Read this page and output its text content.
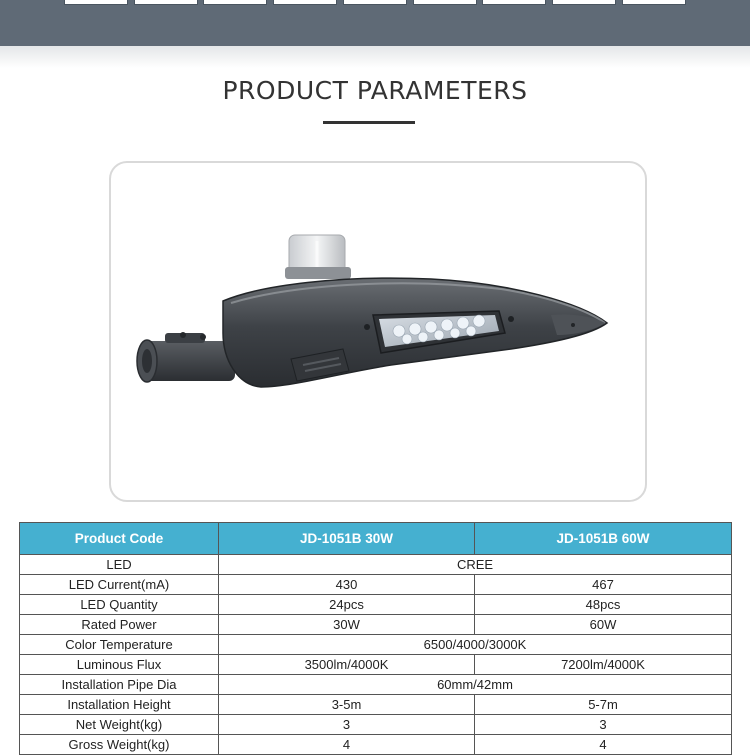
PRODUCT PARAMETERS
Product Code	JD-1051B 30W	JD-1051B 60W
LED	CREE	
LED Current(mA)	430	467
LED Quantity	24pcs	48pcs
Rated Power	30W	60W
Color Temperature	6500/4000/3000K	
Luminous Flux	3500lm/4000K	7200lm/4000K
Installation Pipe Dia	60mm/42mm	
Installation Height	3-5m	5-7m
Net Weight(kg)	3	3
Gross Weight(kg)	4	4
